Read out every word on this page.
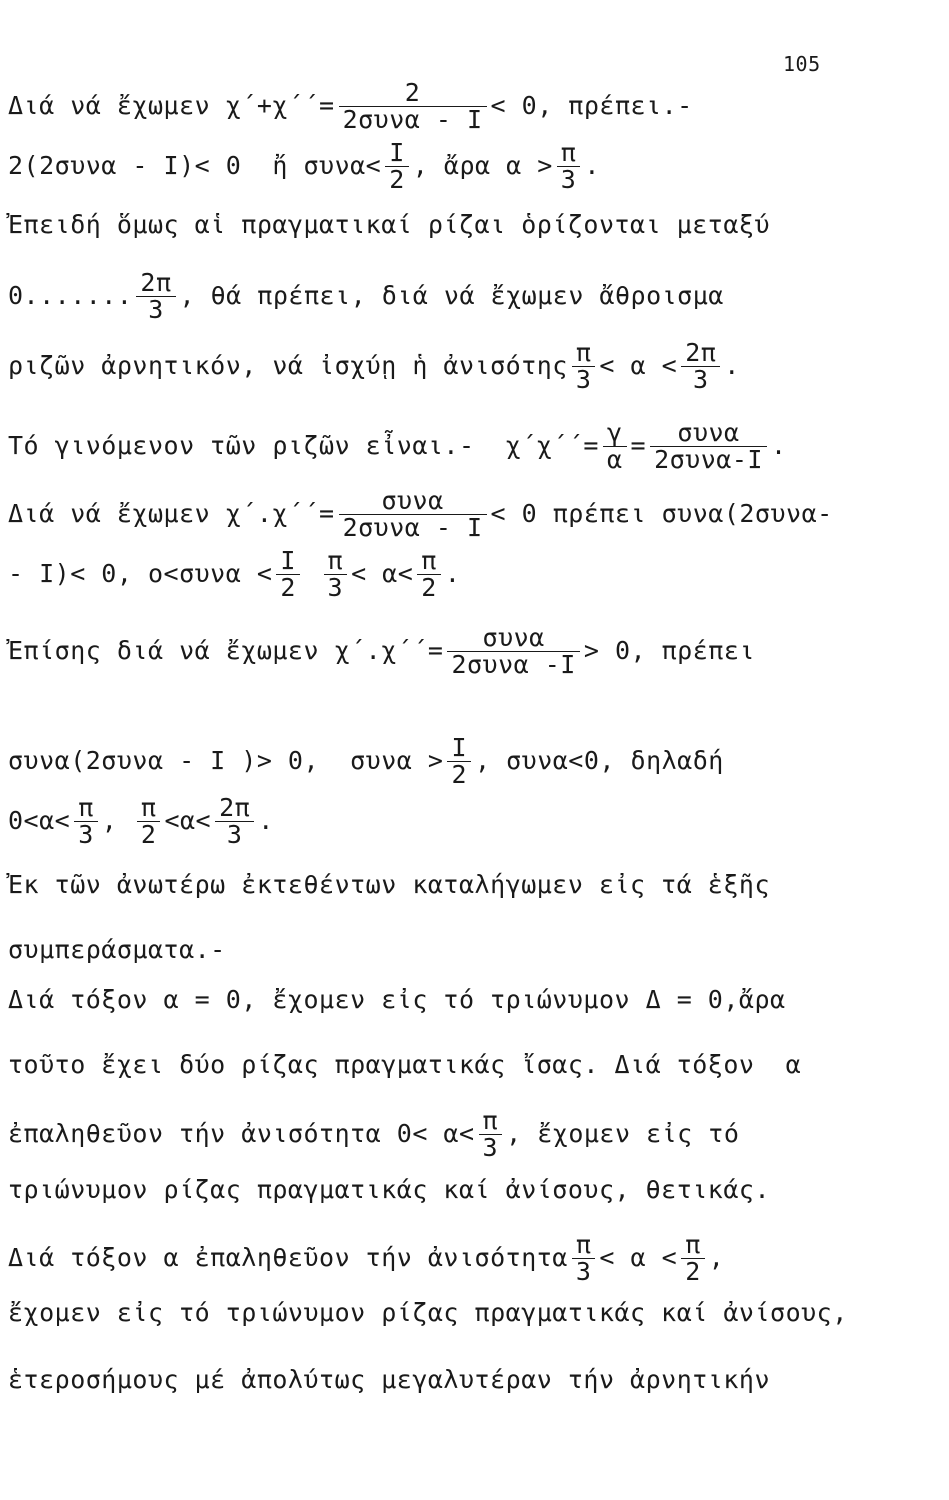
105
Διά νά ἔχωμεν χ΄+χ΄΄=	2
2συνα - Ι < 0, πρέπει.-
2(2συνα - Ι)< 0  ἤ $\sigma\upsilon\nu\alpha< \frac{I}{2}$ , ἄρα $\alpha > \frac{\pi}{3}$ .
Ἐπειδή ὅμως αἱ πραγματικαί ρίζαι ὁρίζονται μεταξύ
0....... $\frac{2\pi}{3}$ , θά πρέπει, διά νά ἔχωμεν ἄθροισμα
ριζῶν ἀρνητικόν, νά ἰσχύῃ ἡ ἀνισότης $\frac{\pi}{3} < \alpha < \frac{2\pi}{3}$ .
Τό γινόμενον τῶν ριζῶν εἶναι.-  $\chi΄\chi΄΄= \frac{\gamma}{\alpha}$ =	συνα
2συνα-Ι .
Διά νά ἔχωμεν χ΄.χ΄΄=	συνα
2συνα - Ι < 0 πρέπει συνα(2συνα-
- Ι)< 0, $o<\sigma\upsilon\nu\alpha < \frac{I}{2}$
$\frac{\pi}{3} < \alpha< \frac{\pi}{2}$ .
Ἐπίσης διά νά ἔχωμεν χ΄.χ΄΄=	συνα
2συνα -Ι > 0, πρέπει
συνα(2συνα - Ι )> 0,  $\sigma\upsilon\nu\alpha > \frac{I}{2}$ , συνα<0, δηλαδή
$0<\alpha< \frac{\pi}{3}$ , $\frac{\pi}{2} <\alpha< \frac{2\pi}{3}$ .
Ἐκ τῶν ἀνωτέρω ἐκτεθέντων καταλήγωμεν εἰς τά ἑξῆς
συμπεράσματα.-
Διά τόξον α = 0, ἔχομεν εἰς τό τριώνυμον Δ = 0,ἄρα
τοῦτο ἔχει δύο ρίζας πραγματικάς ἴσας. Διά τόξον  α
ἐπαληθεῦον τήν ἀνισότητα $0< \alpha< \frac{\pi}{3}$ , ἔχομεν εἰς τό
τριώνυμον ρίζας πραγματικάς καί ἀνίσους, θετικάς.
Διά τόξον α ἐπαληθεῦον τήν ἀνισότητα $\frac{\pi}{3} < \alpha < \frac{\pi}{2}$ ,
ἔχομεν εἰς τό τριώνυμον ρίζας πραγματικάς καί ἀνίσους,
ἑτεροσήμους μέ ἀπολύτως μεγαλυτέραν τήν ἀρνητικήν
